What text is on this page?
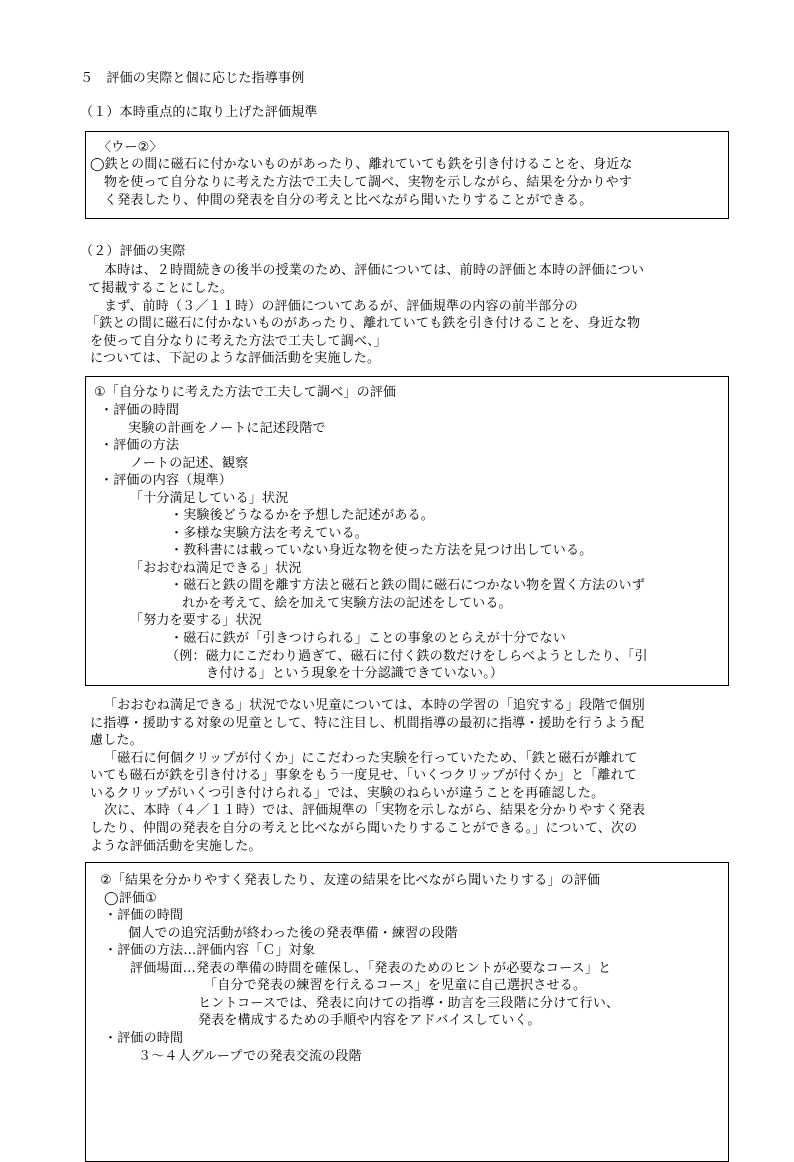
５　評価の実際と個に応じた指導事例
（１）本時重点的に取り上げた評価規準
〈ウー②〉
◯鉄との間に磁石に付かないものがあったり、離れていても鉄を引き付けることを、身近な
物を使って自分なりに考えた方法で工夫して調べ、実物を示しながら、結果を分かりやす
く発表したり、仲間の発表を自分の考えと比べながら聞いたりすることができる。
（２）評価の実際
本時は、２時間続きの後半の授業のため、評価については、前時の評価と本時の評価につい
て掲載することにした。
まず、前時（３／１１時）の評価についてあるが、評価規準の内容の前半部分の
「鉄との間に磁石に付かないものがあったり、離れていても鉄を引き付けることを、身近な物
を使って自分なりに考えた方法で工夫して調べ、」
については、下記のような評価活動を実施した。
①「自分なりに考えた方法で工夫して調べ」の評価
・評価の時間
実験の計画をノートに記述段階で
・評価の方法
ノートの記述、観察
・評価の内容（規準）
「十分満足している」状況
・実験後どうなるかを予想した記述がある。
・多様な実験方法を考えている。
・教科書には載っていない身近な物を使った方法を見つけ出している。
「おおむね満足できる」状況
・磁石と鉄の間を離す方法と磁石と鉄の間に磁石につかない物を置く方法のいず
れかを考えて、絵を加えて実験方法の記述をしている。
「努力を要する」状況
・磁石に鉄が「引きつけられる」ことの事象のとらえが十分でない
（例：磁力にこだわり過ぎて、磁石に付く鉄の数だけをしらべようとしたり、「引
き付ける」という現象を十分認識できていない。）
「おおむね満足できる」状況でない児童については、本時の学習の「追究する」段階で個別
に指導・援助する対象の児童として、特に注目し、机間指導の最初に指導・援助を行うよう配
慮した。
「磁石に何個クリップが付くか」にこだわった実験を行っていたため、「鉄と磁石が離れて
いても磁石が鉄を引き付ける」事象をもう一度見せ、「いくつクリップが付くか」と「離れて
いるクリップがいくつ引き付けられる」では、実験のねらいが違うことを再確認した。
次に、本時（４／１１時）では、評価規準の「実物を示しながら、結果を分かりやすく発表
したり、仲間の発表を自分の考えと比べながら聞いたりすることができる。」について、次の
ような評価活動を実施した。
②「結果を分かりやすく発表したり、友達の結果を比べながら聞いたりする」の評価
◯評価①
・評価の時間
個人での追究活動が終わった後の発表準備・練習の段階
・評価の方法…評価内容「Ｃ」対象
評価場面…発表の準備の時間を確保し、「発表のためのヒントが必要なコース」と
「自分で発表の練習を行えるコース」を児童に自己選択させる。
ヒントコースでは、発表に向けての指導・助言を三段階に分けて行い、
発表を構成するための手順や内容をアドバイスしていく。
・評価の時間
３～４人グループでの発表交流の段階
